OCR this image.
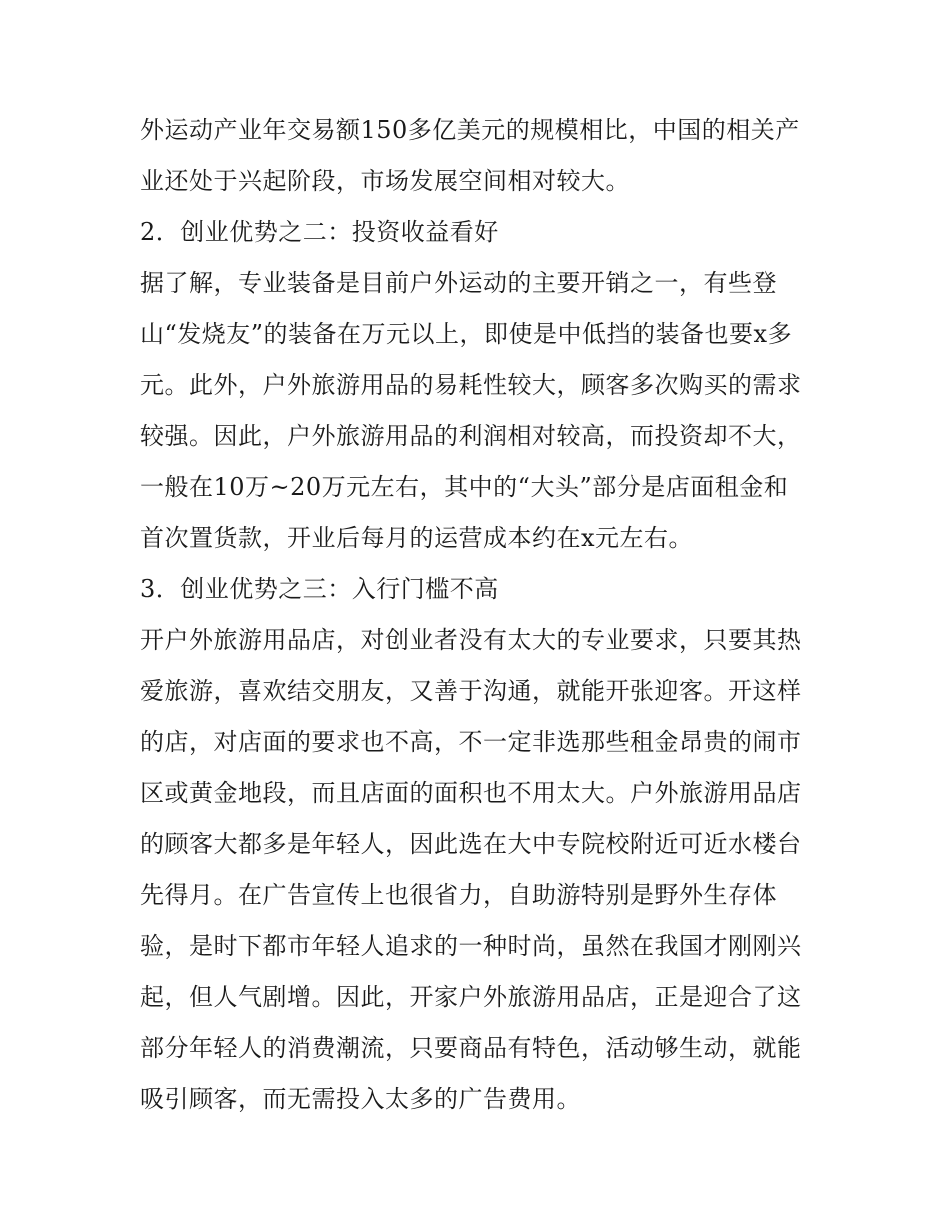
外运动产业年交易额150多亿美元的规模相比，中国的相关产
业还处于兴起阶段，市场发展空间相对较大。
2．创业优势之二：投资收益看好
据了解，专业装备是目前户外运动的主要开销之一，有些登
山“发烧友”的装备在万元以上，即使是中低挡的装备也要x多
元。此外，户外旅游用品的易耗性较大，顾客多次购买的需求
较强。因此，户外旅游用品的利润相对较高，而投资却不大，
一般在10万~20万元左右，其中的“大头”部分是店面租金和
首次置货款，开业后每月的运营成本约在x元左右。
3．创业优势之三：入行门槛不高
开户外旅游用品店，对创业者没有太大的专业要求，只要其热
爱旅游，喜欢结交朋友，又善于沟通，就能开张迎客。开这样
的店，对店面的要求也不高，不一定非选那些租金昂贵的闹市
区或黄金地段，而且店面的面积也不用太大。户外旅游用品店
的顾客大都多是年轻人，因此选在大中专院校附近可近水楼台
先得月。在广告宣传上也很省力，自助游特别是野外生存体
验，是时下都市年轻人追求的一种时尚，虽然在我国才刚刚兴
起，但人气剧增。因此，开家户外旅游用品店，正是迎合了这
部分年轻人的消费潮流，只要商品有特色，活动够生动，就能
吸引顾客，而无需投入太多的广告费用。
